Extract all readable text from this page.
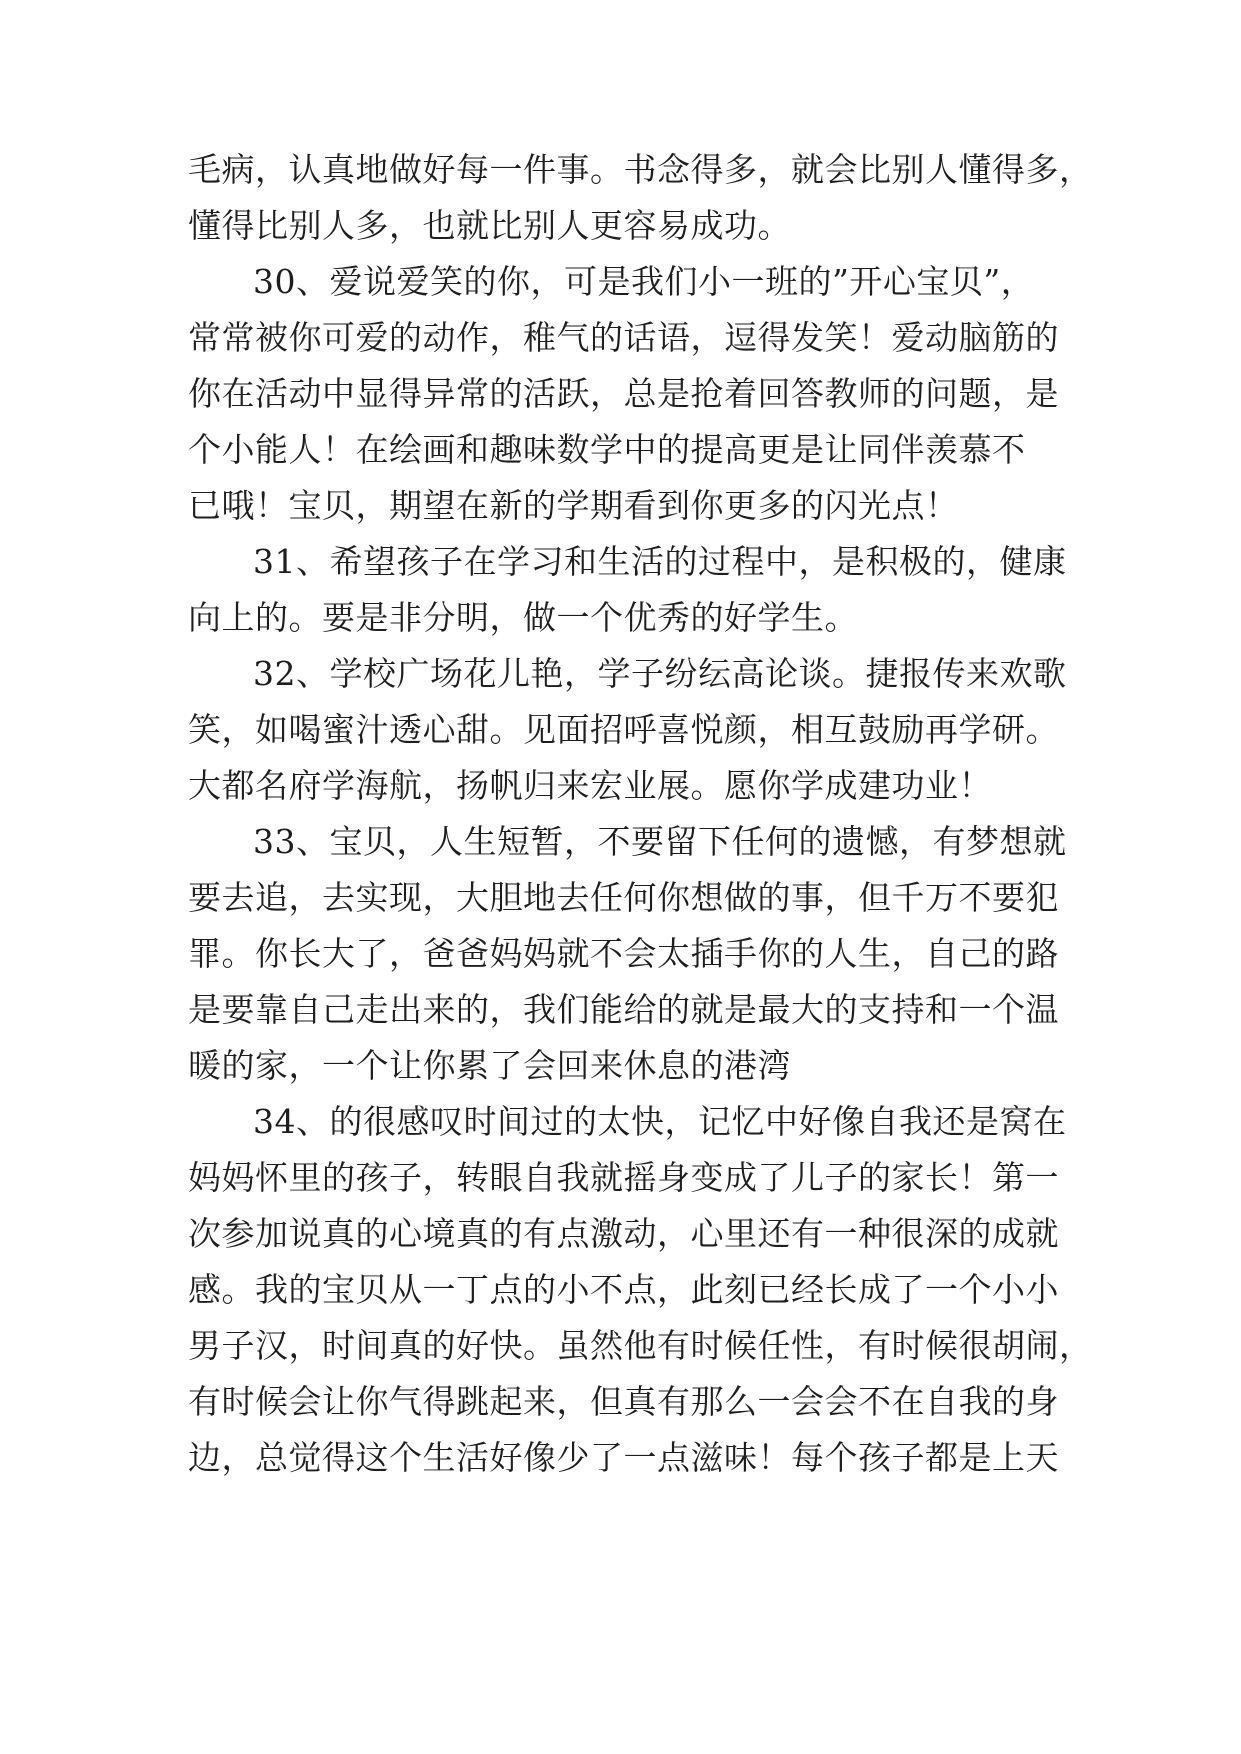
毛病，认真地做好每一件事。书念得多，就会比别人懂得多，
懂得比别人多，也就比别人更容易成功。
30、爱说爱笑的你，可是我们小一班的”开心宝贝”，
常常被你可爱的动作，稚气的话语，逗得发笑！爱动脑筋的
你在活动中显得异常的活跃，总是抢着回答教师的问题，是
个小能人！在绘画和趣味数学中的提高更是让同伴羡慕不
已哦！宝贝，期望在新的学期看到你更多的闪光点！
31、希望孩子在学习和生活的过程中，是积极的，健康
向上的。要是非分明，做一个优秀的好学生。
32、学校广场花儿艳，学子纷纭高论谈。捷报传来欢歌
笑，如喝蜜汁透心甜。见面招呼喜悦颜，相互鼓励再学研。
大都名府学海航，扬帆归来宏业展。愿你学成建功业！
33、宝贝，人生短暂，不要留下任何的遗憾，有梦想就
要去追，去实现，大胆地去任何你想做的事，但千万不要犯
罪。你长大了，爸爸妈妈就不会太插手你的人生，自己的路
是要靠自己走出来的，我们能给的就是最大的支持和一个温
暖的家，一个让你累了会回来休息的港湾
34、的很感叹时间过的太快，记忆中好像自我还是窝在
妈妈怀里的孩子，转眼自我就摇身变成了儿子的家长！第一
次参加说真的心境真的有点激动，心里还有一种很深的成就
感。我的宝贝从一丁点的小不点，此刻已经长成了一个小小
男子汉，时间真的好快。虽然他有时候任性，有时候很胡闹，
有时候会让你气得跳起来，但真有那么一会会不在自我的身
边，总觉得这个生活好像少了一点滋味！每个孩子都是上天
